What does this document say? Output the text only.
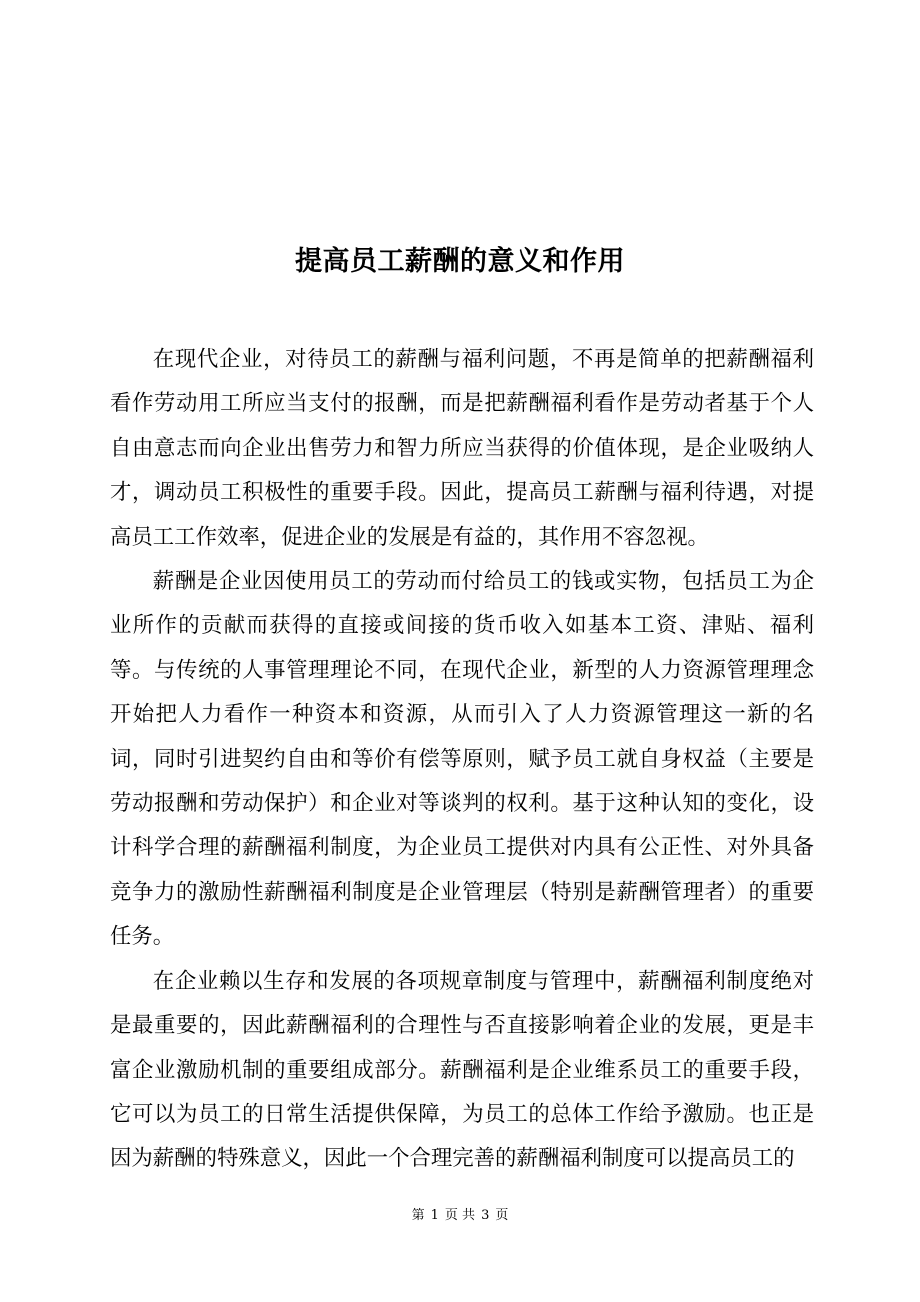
提高员工薪酬的意义和作用

在现代企业，对待员工的薪酬与福利问题，不再是简单的把薪酬福利看作劳动用工所应当支付的报酬，而是把薪酬福利看作是劳动者基于个人自由意志而向企业出售劳力和智力所应当获得的价值体现，是企业吸纳人才，调动员工积极性的重要手段。因此，提高员工薪酬与福利待遇，对提高员工工作效率，促进企业的发展是有益的，其作用不容忽视。

薪酬是企业因使用员工的劳动而付给员工的钱或实物，包括员工为企业所作的贡献而获得的直接或间接的货币收入如基本工资、津贴、福利等。与传统的人事管理理论不同，在现代企业，新型的人力资源管理理念开始把人力看作一种资本和资源，从而引入了人力资源管理这一新的名词，同时引进契约自由和等价有偿等原则，赋予员工就自身权益（主要是劳动报酬和劳动保护）和企业对等谈判的权利。基于这种认知的变化，设计科学合理的薪酬福利制度，为企业员工提供对内具有公正性、对外具备竞争力的激励性薪酬福利制度是企业管理层（特别是薪酬管理者）的重要任务。

在企业赖以生存和发展的各项规章制度与管理中，薪酬福利制度绝对是最重要的，因此薪酬福利的合理性与否直接影响着企业的发展，更是丰富企业激励机制的重要组成部分。薪酬福利是企业维系员工的重要手段，它可以为员工的日常生活提供保障，为员工的总体工作给予激励。也正是因为薪酬的特殊意义，因此一个合理完善的薪酬福利制度可以提高员工的

第 1 页 共 3 页
